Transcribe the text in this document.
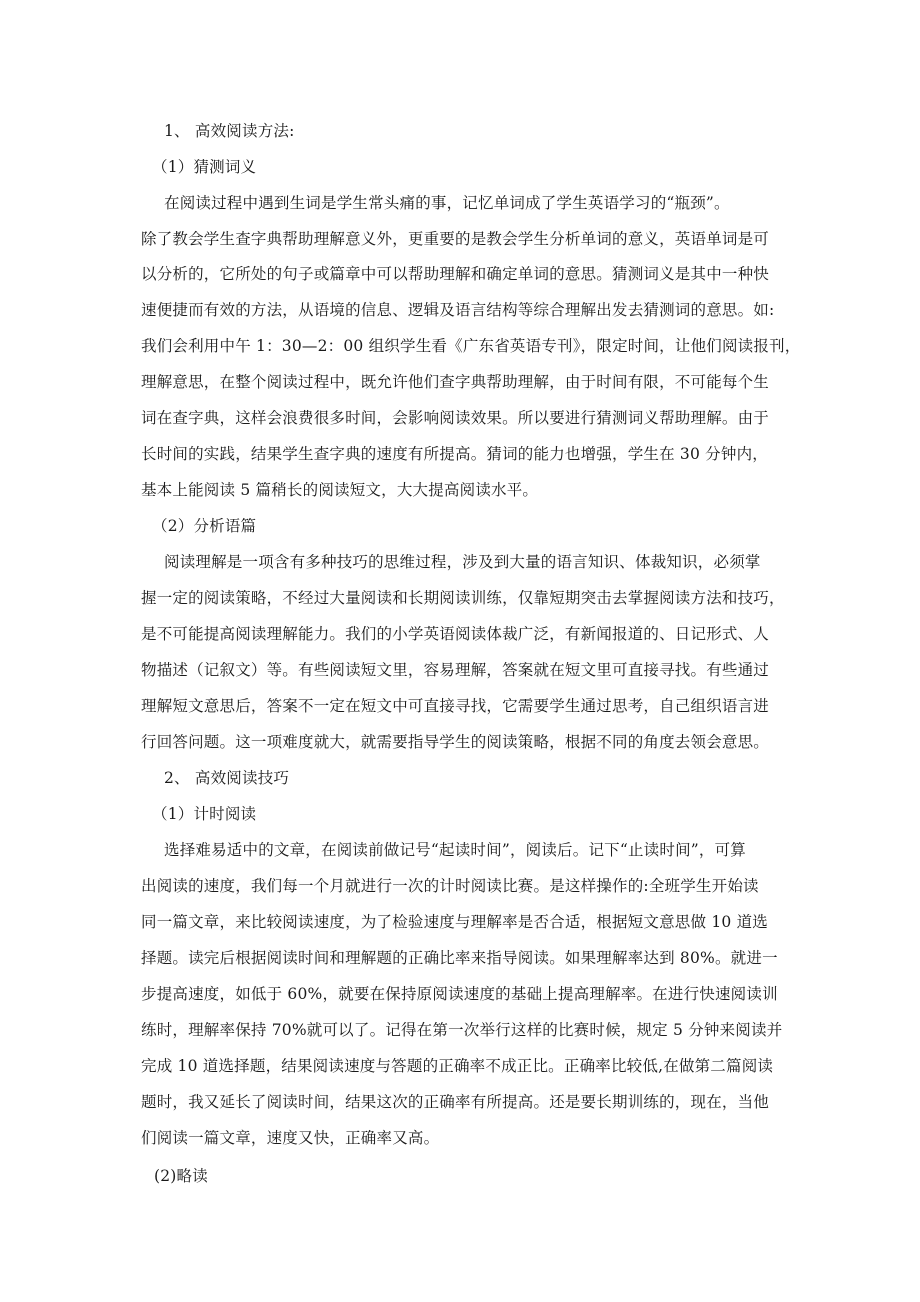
1、 高效阅读方法:
（1）猜测词义
在阅读过程中遇到生词是学生常头痛的事，记忆单词成了学生英语学习的“瓶颈”。
除了教会学生查字典帮助理解意义外，更重要的是教会学生分析单词的意义，英语单词是可
以分析的，它所处的句子或篇章中可以帮助理解和确定单词的意思。猜测词义是其中一种快
速便捷而有效的方法，从语境的信息、逻辑及语言结构等综合理解出发去猜测词的意思。如:
我们会利用中午 1：30—2：00 组织学生看《广东省英语专刊》，限定时间，让他们阅读报刊，
理解意思，在整个阅读过程中，既允许他们查字典帮助理解，由于时间有限，不可能每个生
词在查字典，这样会浪费很多时间，会影响阅读效果。所以要进行猜测词义帮助理解。由于
长时间的实践，结果学生查字典的速度有所提高。猜词的能力也增强，学生在 30 分钟内，
基本上能阅读 5 篇稍长的阅读短文，大大提高阅读水平。
（2）分析语篇
阅读理解是一项含有多种技巧的思维过程，涉及到大量的语言知识、体裁知识，必须掌
握一定的阅读策略，不经过大量阅读和长期阅读训练，仅靠短期突击去掌握阅读方法和技巧，
是不可能提高阅读理解能力。我们的小学英语阅读体裁广泛，有新闻报道的、日记形式、人
物描述（记叙文）等。有些阅读短文里，容易理解，答案就在短文里可直接寻找。有些通过
理解短文意思后，答案不一定在短文中可直接寻找，它需要学生通过思考，自己组织语言进
行回答问题。这一项难度就大，就需要指导学生的阅读策略，根据不同的角度去领会意思。
2、 高效阅读技巧
（1）计时阅读
选择难易适中的文章，在阅读前做记号“起读时间”，阅读后。记下“止读时间”，可算
出阅读的速度，我们每一个月就进行一次的计时阅读比赛。是这样操作的:全班学生开始读
同一篇文章，来比较阅读速度，为了检验速度与理解率是否合适，根据短文意思做 10 道选
择题。读完后根据阅读时间和理解题的正确比率来指导阅读。如果理解率达到 80%。就进一
步提高速度，如低于 60%，就要在保持原阅读速度的基础上提高理解率。在进行快速阅读训
练时，理解率保持 70%就可以了。记得在第一次举行这样的比赛时候，规定 5 分钟来阅读并
完成 10 道选择题，结果阅读速度与答题的正确率不成正比。正确率比较低,在做第二篇阅读
题时，我又延长了阅读时间，结果这次的正确率有所提高。还是要长期训练的，现在，当他
们阅读一篇文章，速度又快，正确率又高。
(2)略读
